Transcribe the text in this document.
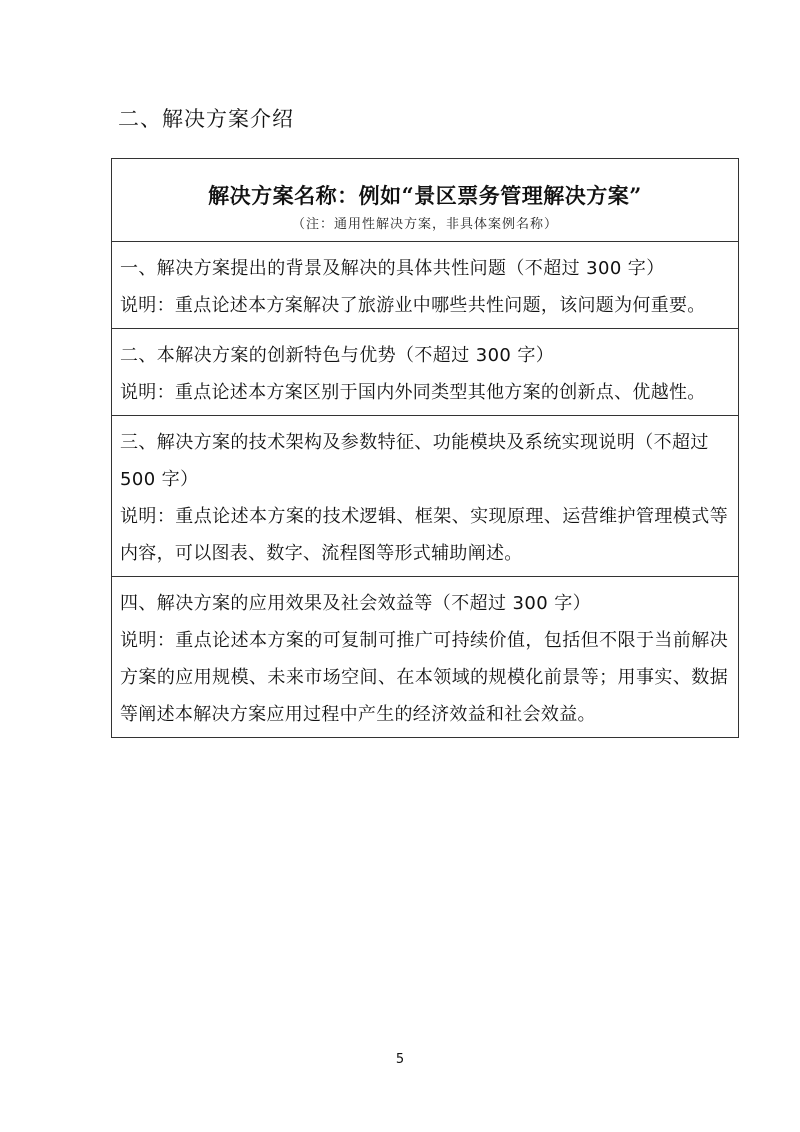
二、解决方案介绍
解决方案名称：例如“景区票务管理解决方案”
（注：通用性解决方案，非具体案例名称）
一、解决方案提出的背景及解决的具体共性问题（不超过 300 字）
说明：重点论述本方案解决了旅游业中哪些共性问题，该问题为何重要。
二、本解决方案的创新特色与优势（不超过 300 字）
说明：重点论述本方案区别于国内外同类型其他方案的创新点、优越性。
三、解决方案的技术架构及参数特征、功能模块及系统实现说明（不超过 500 字）
说明：重点论述本方案的技术逻辑、框架、实现原理、运营维护管理模式等内容，可以图表、数字、流程图等形式辅助阐述。
四、解决方案的应用效果及社会效益等（不超过 300 字）
说明：重点论述本方案的可复制可推广可持续价值，包括但不限于当前解决方案的应用规模、未来市场空间、在本领域的规模化前景等；用事实、数据等阐述本解决方案应用过程中产生的经济效益和社会效益。
5
